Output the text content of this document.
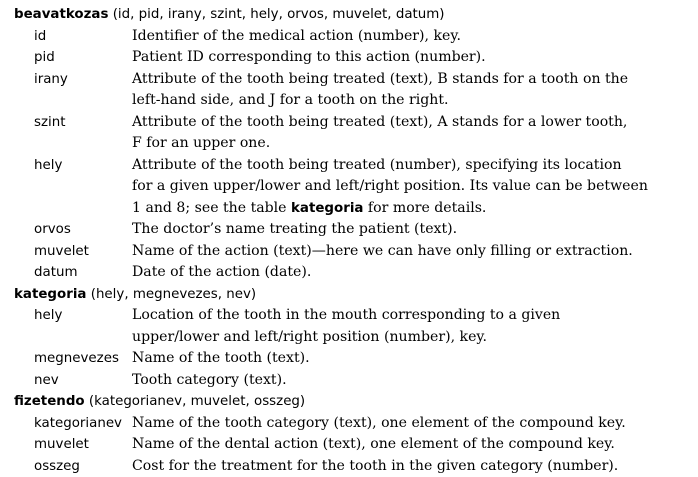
beavatkozas (id, pid, irany, szint, hely, orvos, muvelet, datum)
id	Identifier of the medical action (number), key.
pid	Patient ID corresponding to this action (number).
irany	Attribute of the tooth being treated (text), B stands for a tooth on the
left-hand side, and J for a tooth on the right.
szint	Attribute of the tooth being treated (text), A stands for a lower tooth,
F for an upper one.
hely	Attribute of the tooth being treated (number), specifying its location
for a given upper/lower and left/right position. Its value can be between
1 and 8; see the table kategoria for more details.
orvos	The doctor’s name treating the patient (text).
muvelet	Name of the action (text)—here we can have only filling or extraction.
datum	Date of the action (date).
kategoria (hely, megnevezes, nev)
hely	Location of the tooth in the mouth corresponding to a given
upper/lower and left/right position (number), key.
megnevezes Name of the tooth (text).
nev	Tooth category (text).
fizetendo (kategorianev, muvelet, osszeg)
kategorianev Name of the tooth category (text), one element of the compound key.
muvelet	Name of the dental action (text), one element of the compound key.
osszeg	Cost for the treatment for the tooth in the given category (number).
